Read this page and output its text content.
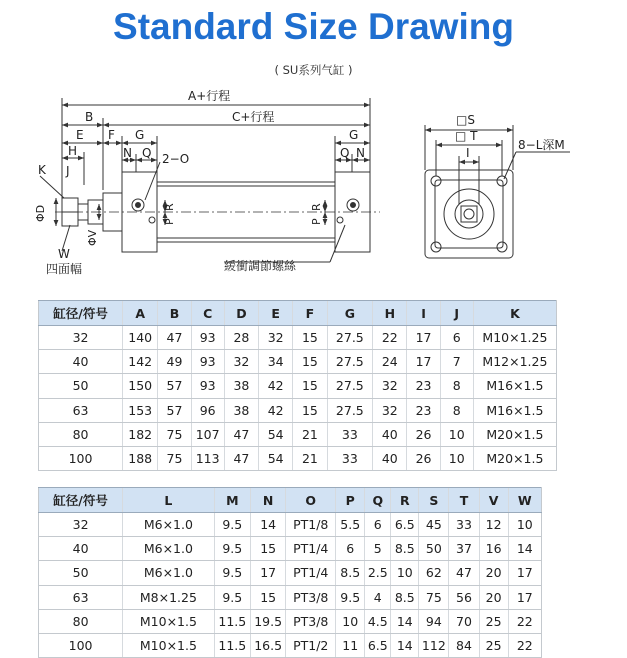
Standard Size Drawing
( SU系列气缸 )
A+行程
C+行程
B
E F G	G
H	N Q	Q N
2−O
K J
ΦD
ΦV
R
P
R
P
W
四面幅	緩衝調節螺絲
□S
□ T
I
8−L深M
缸径/符号	A	B	C	D	E	F	G	H	I	J	K
32	140	47	93	28	32	15	27.5	22	17	6	M10×1.25
40	142	49	93	32	34	15	27.5	24	17	7	M12×1.25
50	150	57	93	38	42	15	27.5	32	23	8	M16×1.5
63	153	57	96	38	42	15	27.5	32	23	8	M16×1.5
80	182	75	107	47	54	21	33	40	26	10	M20×1.5
100	188	75	113	47	54	21	33	40	26	10	M20×1.5
缸径/符号	L	M	N	O	P	Q	R	S	T	V	W
32	M6×1.0	9.5	14	PT1/8	5.5	6	6.5	45	33	12	10
40	M6×1.0	9.5	15	PT1/4	6	5	8.5	50	37	16	14
50	M6×1.0	9.5	17	PT1/4	8.5	2.5	10	62	47	20	17
63	M8×1.25	9.5	15	PT3/8	9.5	4	8.5	75	56	20	17
80	M10×1.5	11.5	19.5	PT3/8	10	4.5	14	94	70	25	22
100	M10×1.5	11.5	16.5	PT1/2	11	6.5	14	112	84	25	22
